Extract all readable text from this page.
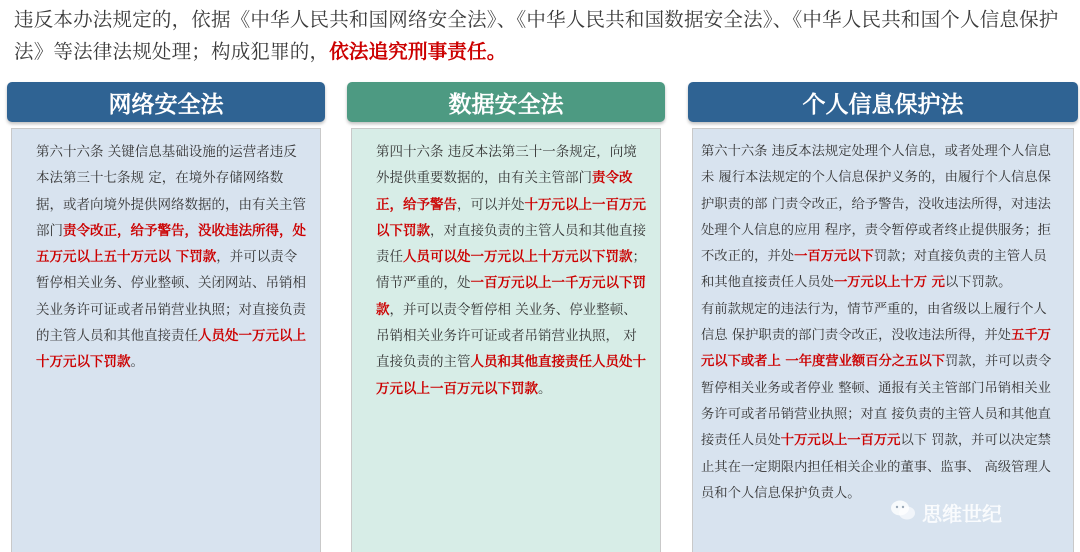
违反本办法规定的，依据《中华人民共和国网络安全法》、《中华人民共和国数据安全法》、《中华人民共和国个人信息保护法》等法律法规处理；构成犯罪的，依法追究刑事责任。
网络安全法

第六十六条 关键信息基础设施的运营者违反本法第三十七条规 定，在境外存储网络数据，或者向境外提供网络数据的，由有关主管部门责令改正，给予警告，没收违法所得，处五万元以上五十万元以 下罚款，并可以责令暂停相关业务、停业整顿、关闭网站、吊销相关业务许可证或者吊销营业执照；对直接负责的主管人员和其他直接责任人员处一万元以上十万元以下罚款。

数据安全法

第四十六条 违反本法第三十一条规定，向境外提供重要数据的，由有关主管部门责令改正，给予警告，可以并处十万元以上一百万元以下罚款，对直接负责的主管人员和其他直接责任人员可以处一万元以上十万元以下罚款；情节严重的，处一百万元以上一千万元以下罚款，并可以责令暂停相 关业务、停业整顿、吊销相关业务许可证或者吊销营业执照， 对直接负责的主管人员和其他直接责任人员处十万元以上一百万元以下罚款。

个人信息保护法

第六十六条 违反本法规定处理个人信息，或者处理个人信息未 履行本法规定的个人信息保护义务的，由履行个人信息保护职责的部 门责令改正，给予警告，没收违法所得，对违法处理个人信息的应用 程序，责令暂停或者终止提供服务；拒不改正的，并处一百万元以下罚款；对直接负责的主管人员和其他直接责任人员处一万元以上十万 元以下罚款。

有前款规定的违法行为，情节严重的，由省级以上履行个人信息 保护职责的部门责令改正，没收违法所得，并处五千万元以下或者上 一年度营业额百分之五以下罚款，并可以责令暂停相关业务或者停业 整顿、通报有关主管部门吊销相关业务许可或者吊销营业执照；对直 接负责的主管人员和其他直接责任人员处十万元以上一百万元以下 罚款，并可以决定禁止其在一定期限内担任相关企业的董事、监事、 高级管理人员和个人信息保护负责人。

思维世纪
